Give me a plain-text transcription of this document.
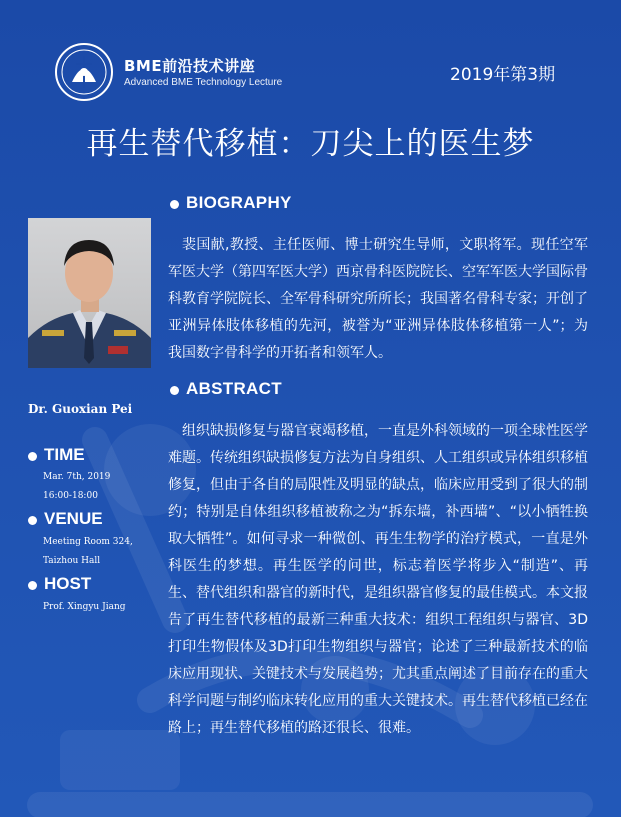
BME前沿技术讲座
Advanced BME Technology Lecture	2019年第3期
再生替代移植：刀尖上的医生梦
Dr. Guoxian Pei
TIME
Mar. 7th, 2019
16:00-18:00
VENUE
Meeting Room 324,
Taizhou Hall
HOST
Prof. Xingyu Jiang
BIOGRAPHY
裴国献,教授、主任医师、博士研究生导师，文职将军。现任空军军医大学（第四军医大学）西京骨科医院院长、空军军医大学国际骨科教育学院院长、全军骨科研究所所长；我国著名骨科专家；开创了亚洲异体肢体移植的先河，被誉为“亚洲异体肢体移植第一人”；为我国数字骨科学的开拓者和领军人。
ABSTRACT
组织缺损修复与器官衰竭移植，一直是外科领域的一项全球性医学难题。传统组织缺损修复方法为自身组织、人工组织或异体组织移植修复，但由于各自的局限性及明显的缺点，临床应用受到了很大的制约；特别是自体组织移植被称之为“拆东墙，补西墙”、“以小牺牲换取大牺牲”。如何寻求一种微创、再生生物学的治疗模式，一直是外科医生的梦想。再生医学的问世，标志着医学将步入“制造”、再生、替代组织和器官的新时代，是组织器官修复的最佳模式。本文报告了再生替代移植的最新三种重大技术：组织工程组织与器官、3D打印生物假体及3D打印生物组织与器官；论述了三种最新技术的临床应用现状、关键技术与发展趋势；尤其重点阐述了目前存在的重大科学问题与制约临床转化应用的重大关键技术。再生替代移植已经在路上；再生替代移植的路还很长、很难。
